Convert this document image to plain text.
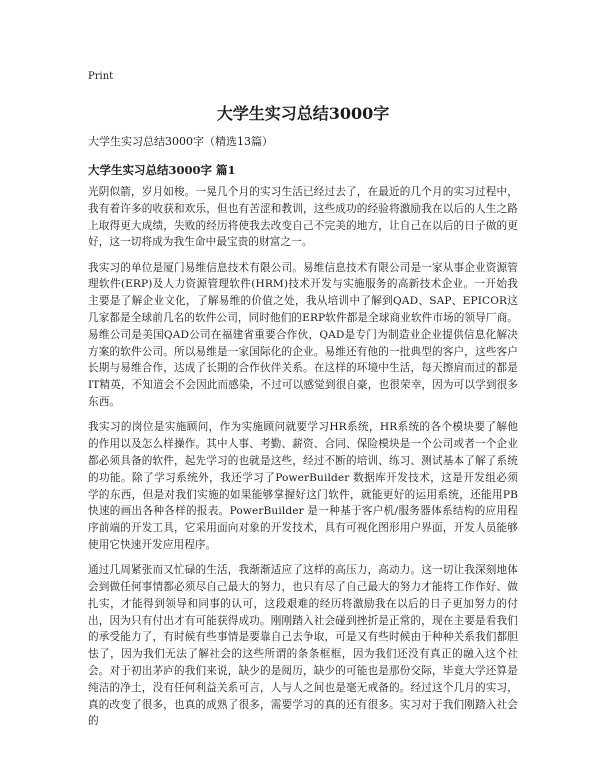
Print
大学生实习总结3000字

大学生实习总结3000字（精选13篇）

大学生实习总结3000字 篇1

光阴似箭，岁月如梭。一晃几个月的实习生活已经过去了，在最近的几个月的实习过程中，我有着许多的收获和欢乐，但也有苦涩和教训，这些成功的经验将激励我在以后的人生之路上取得更大成绩，失败的经历将使我去改变自己不完美的地方，让自己在以后的日子做的更好，这一切将成为我生命中最宝贵的财富之一。

我实习的单位是厦门易维信息技术有限公司。易维信息技术有限公司是一家从事企业资源管理软件(ERP)及人力资源管理软件(HRM)技术开发与实施服务的高新技术企业。一开始我主要是了解企业文化，了解易维的价值之处，我从培训中了解到QAD、SAP、EPICOR这几家都是全球前几名的软件公司，同时他们的ERP软件都是全球商业软件市场的领导厂商。易维公司是美国QAD公司在福建省重要合作伙，QAD是专门为制造业企业提供信息化解决方案的软件公司。所以易维是一家国际化的企业。易维还有他的一批典型的客户，这些客户长期与易维合作，达成了长期的合作伙伴关系。在这样的环境中生活，每天擦肩而过的都是IT精英，不知道会不会因此而感染，不过可以感觉到很自豪，也很荣幸，因为可以学到很多东西。

我实习的岗位是实施顾问，作为实施顾问就要学习HR系统，HR系统的各个模块要了解他的作用以及怎么样操作。其中人事、考勤、薪资、合同、保险模块是一个公司或者一个企业都必须具备的软件，起先学习的也就是这些，经过不断的培训、练习、测试基本了解了系统的功能。除了学习系统外，我还学习了PowerBuilder 数据库开发技术，这是开发组必须学的东西，但是对我们实施的如果能够掌握好这门软件，就能更好的运用系统，还能用PB快速的画出各种各样的报表。PowerBuilder 是一种基于客户机/服务器体系结构的应用程序前端的开发工具，它采用面向对象的开发技术，具有可视化图形用户界面，开发人员能够使用它快速开发应用程序。

通过几周紧张而又忙碌的生活，我渐渐适应了这样的高压力，高动力。这一切让我深刻地体会到做任何事情都必须尽自己最大的努力，也只有尽了自己最大的努力才能将工作作好、做扎实，才能得到领导和同事的认可，这段艰难的经历将激励我在以后的日子更加努力的付出，因为只有付出才有可能获得成功。刚刚踏入社会碰到挫折是正常的，现在主要是看我们的承受能力了，有时候有些事情是要靠自己去争取，可是又有些时候由于种种关系我们都胆怯了，因为我们无法了解社会的这些所谓的条条框框，因为我们还没有真正的融入这个社会。对于初出茅庐的我们来说，缺少的是阅历，缺少的可能也是那份交际，毕竟大学还算是纯洁的净土，没有任何利益关系可言，人与人之间也是毫无戒备的。经过这个几月的实习，真的改变了很多，也真的成熟了很多，需要学习的真的还有很多。实习对于我们刚踏入社会的
